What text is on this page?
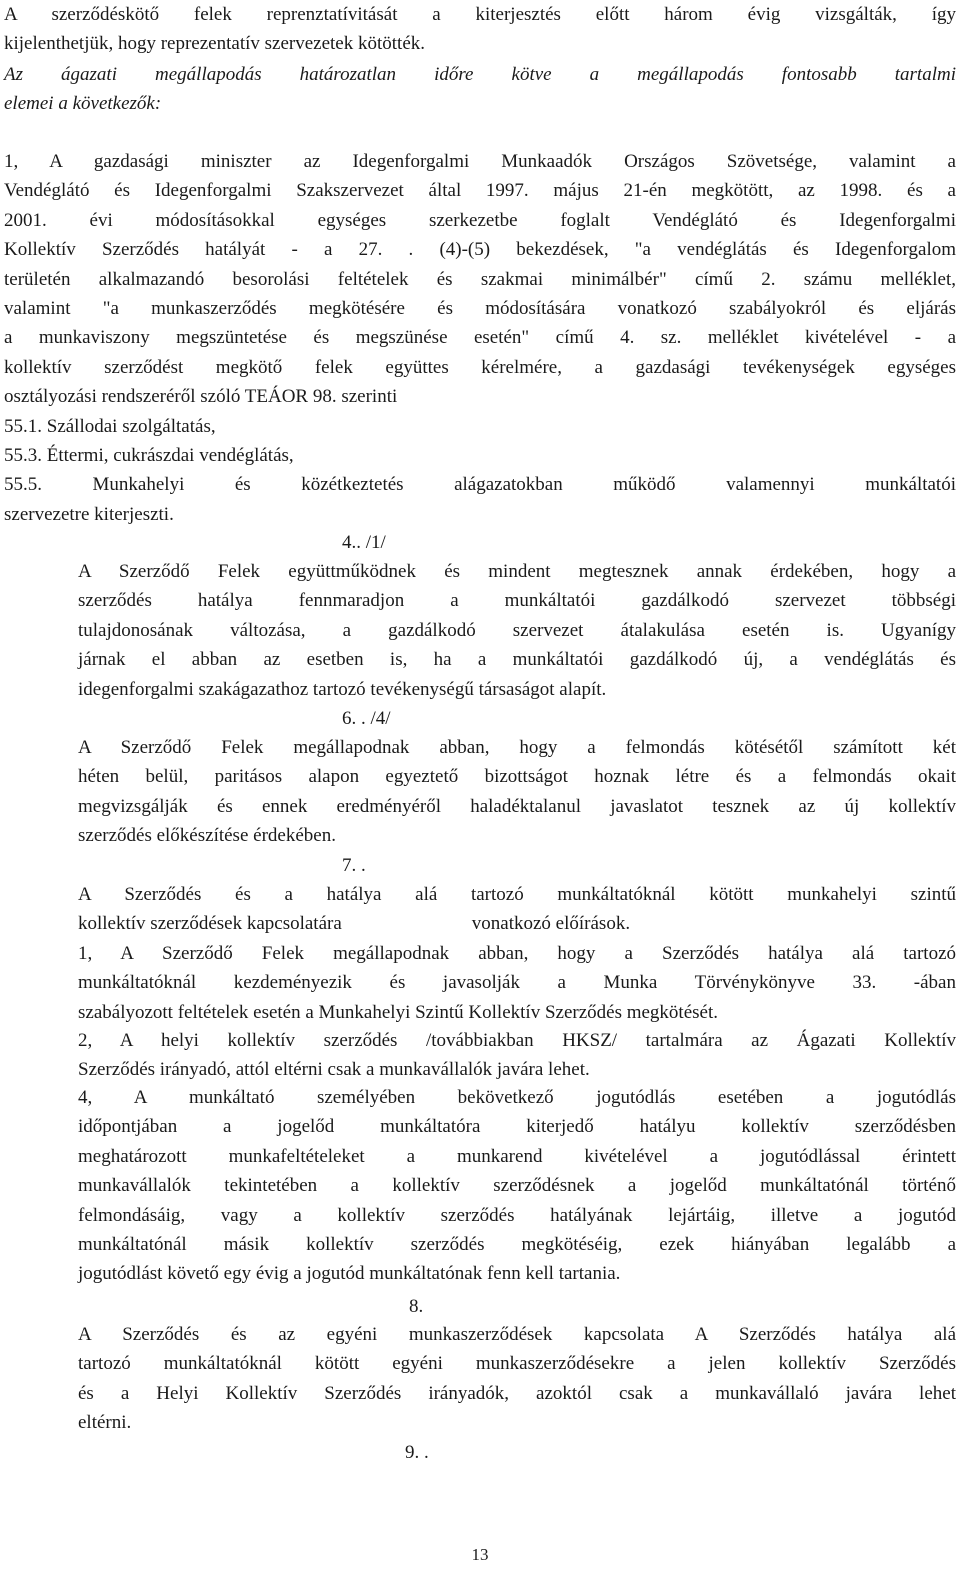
A szerződéskötő felek reprenztatívitását a kiterjesztés előtt három évig vizsgálták, így
kijelenthetjük, hogy reprezentatív szervezetek kötötték.
Az ágazati megállapodás határozatlan időre kötve a megállapodás fontosabb tartalmi
elemei a következők:
1, A gazdasági miniszter az Idegenforgalmi Munkaadók Országos Szövetsége, valamint a
Vendéglátó és Idegenforgalmi Szakszervezet által 1997. május 21-én megkötött, az 1998. és a
2001. évi módosításokkal egységes szerkezetbe foglalt Vendéglátó és Idegenforgalmi
Kollektív Szerződés hatályát - a 27. . (4)-(5) bekezdések, "a vendéglátás és Idegenforgalom
területén alkalmazandó besorolási feltételek és szakmai minimálbér" című 2. számu melléklet,
valamint "a munkaszerződés megkötésére és módosítására vonatkozó szabályokról és eljárás
a munkaviszony megszüntetése és megszünése esetén" című 4. sz. melléklet kivételével - a
kollektív szerződést megkötő felek együttes kérelmére, a gazdasági tevékenységek egységes
osztályozási rendszeréről szóló TEÁOR 98. szerinti
55.1. Szállodai szolgáltatás,
55.3. Éttermi, cukrászdai vendéglátás,
55.5. Munkahelyi és közétkeztetés alágazatokban működő valamennyi munkáltatói
szervezetre kiterjeszti.
4.. /1/
A Szerződő Felek együttműködnek és mindent megtesznek annak érdekében, hogy a
szerződés hatálya fennmaradjon a munkáltatói gazdálkodó szervezet többségi
tulajdonosának változása, a gazdálkodó szervezet átalakulása esetén is. Ugyanígy
járnak el abban az esetben is, ha a munkáltatói gazdálkodó új, a vendéglátás és
idegenforgalmi szakágazathoz tartozó tevékenységű társaságot alapít.
6. . /4/
A Szerződő Felek megállapodnak abban, hogy a felmondás kötésétől számított két
héten belül, paritásos alapon egyeztető bizottságot hoznak létre és a felmondás okait
megvizsgálják és ennek eredményéről haladéktalanul javaslatot tesznek az új kollektív
szerződés előkészítése érdekében.
7. .
A Szerződés és a hatálya alá tartozó munkáltatóknál kötött munkahelyi szintű
kollektív szerződések kapcsolatára	vonatkozó előírások.
1, A Szerződő Felek megállapodnak abban, hogy a Szerződés hatálya alá tartozó
munkáltatóknál kezdeményezik és javasolják a Munka Törvénykönyve 33. -ában
szabályozott feltételek esetén a Munkahelyi Szintű Kollektív Szerződés megkötését.
2, A helyi kollektív szerződés /továbbiakban HKSZ/ tartalmára az Ágazati Kollektív
Szerződés irányadó, attól eltérni csak a munkavállalók javára lehet.
4, A munkáltató személyében bekövetkező jogutódlás esetében a jogutódlás
időpontjában a jogelőd munkáltatóra kiterjedő hatályu kollektív szerződésben
meghatározott munkafeltételeket a munkarend kivételével a jogutódlással érintett
munkavállalók tekintetében a kollektív szerződésnek a jogelőd munkáltatónál történő
felmondásáig, vagy a kollektív szerződés hatályának lejártáig, illetve a jogutód
munkáltatónál másik kollektív szerződés megkötéséig, ezek hiányában legalább a
jogutódlást követő egy évig a jogutód munkáltatónak fenn kell tartania.
8.
A Szerződés és az egyéni munkaszerződések kapcsolata A Szerződés hatálya alá
tartozó munkáltatóknál kötött egyéni munkaszerződésekre a jelen kollektív Szerződés
és a Helyi Kollektív Szerződés irányadók, azoktól csak a munkavállaló javára lehet
eltérni.
9. .
13
